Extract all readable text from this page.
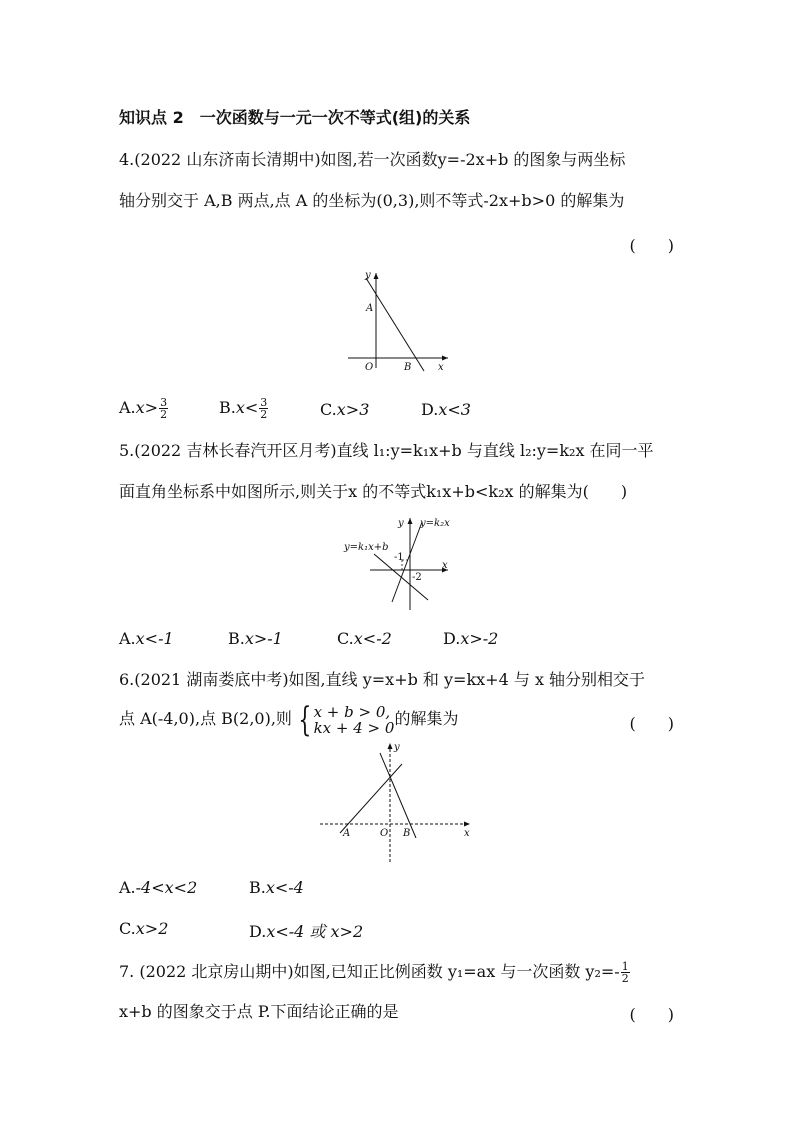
知识点 2　一次函数与一元一次不等式(组)的关系
4.(2022 山东济南长清期中)如图,若一次函数y=-2x+b 的图象与两坐标
轴分别交于 A,B 两点,点 A 的坐标为(0,3),则不等式-2x+b>0 的解集为
(　　)
y
x
A
O	B
$A.x> \frac{3}{2}$	$B.x< \frac{3}{2}$	C.x>3	D.x<3
5.(2022 吉林长春汽开区月考)直线 l₁:y=k₁x+b 与直线 l₂:y=k₂x 在同一平
面直角坐标系中如图所示,则关于x 的不等式k₁x+b<k₂x 的解集为(　　)
y y=k₂x
y=k₁x+b
-1
-2
x
A.x<-1	B.x>-1	C.x<-2	D.x>-2
6.(2021 湖南娄底中考)如图,直线 y=x+b 和 y=kx+4 与 x 轴分别相交于
点 A(-4,0),点 B(2,0),则 { x + b > 0,
kx + 4 > 0 的解集为	(　　)
y
x
A	O B
A.-4<x<2	B.x<-4
C.x>2	D.x<-4 或 x>2
7. (2022 北京房山期中)如图,已知正比例函数 y₁=ax 与一次函数 $y_2=- \frac{1}{2}$
x+b 的图象交于点 P.下面结论正确的是	(　　)
